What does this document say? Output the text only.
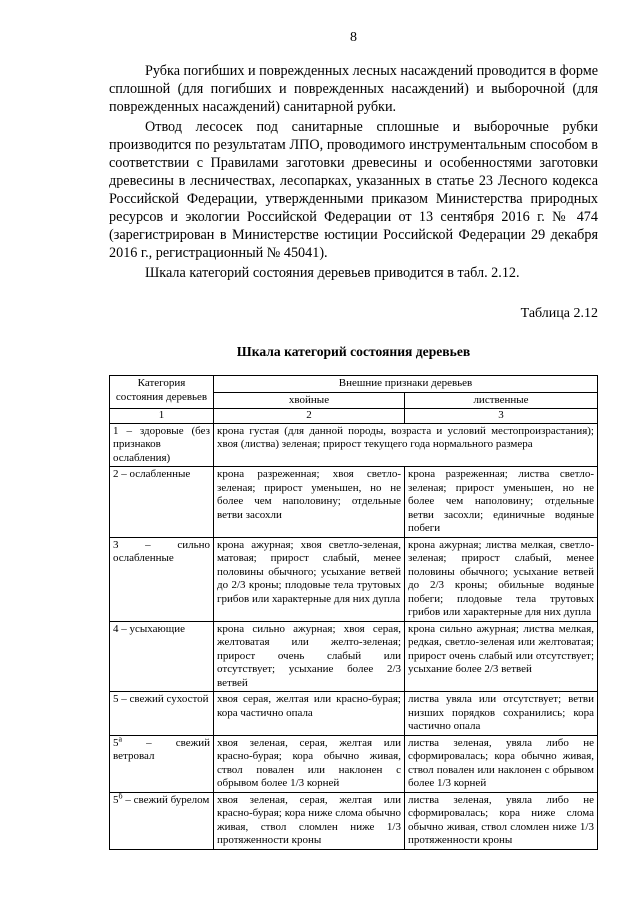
8

Рубка погибших и поврежденных лесных насаждений проводится в форме сплошной (для погибших и поврежденных насаждений) и выборочной (для поврежденных насаждений) санитарной рубки.

Отвод лесосек под санитарные сплошные и выборочные рубки производится по результатам ЛПО, проводимого инструментальным способом в соответствии с Правилами заготовки древесины и особенностями заготовки древесины в лесничествах, лесопарках, указанных в статье 23 Лесного кодекса Российской Федерации, утвержденными приказом Министерства природных ресурсов и экологии Российской Федерации от 13 сентября 2016 г. № 474 (зарегистрирован в Министерстве юстиции Российской Федерации 29 декабря 2016 г., регистрационный № 45041).

Шкала категорий состояния деревьев приводится в табл. 2.12.

Таблица 2.12
Шкала категорий состояния деревьев
Категория состояния деревьев	Внешние признаки деревьев	
	хвойные	лиственные
1	2	3
1 – здоровые (без признаков ослабления)	крона густая (для данной породы, возраста и условий местопроизрастания); хвоя (листва) зеленая; прирост текущего года нормального размера	
2 – ослабленные	крона разреженная; хвоя светло-зеленая; прирост уменьшен, но не более чем наполовину; отдельные ветви засохли	крона разреженная; листва светло-зеленая; прирост уменьшен, но не более чем наполовину; отдельные ветви засохли; единичные водяные побеги
3 – сильно ослабленные	крона ажурная; хвоя светло-зеленая, матовая; прирост слабый, менее половины обычного; усыхание ветвей до 2/3 кроны; плодовые тела трутовых грибов или характерные для них дупла	крона ажурная; листва мелкая, светло-зеленая; прирост слабый, менее половины обычного; усыхание ветвей до 2/3 кроны; обильные водяные побеги; плодовые тела трутовых грибов или характерные для них дупла
4 – усыхающие	крона сильно ажурная; хвоя серая, желтоватая или желто-зеленая; прирост очень слабый или отсутствует; усыхание более 2/3 ветвей	крона сильно ажурная; листва мелкая, редкая, светло-зеленая или желтоватая; прирост очень слабый или отсутствует; усыхание более 2/3 ветвей
5 – свежий сухостой	хвоя серая, желтая или красно-бурая; кора частично опала	листва увяла или отсутствует; ветви низших порядков сохранились; кора частично опала
$5^а$ – свежий ветровал	хвоя зеленая, серая, желтая или красно-бурая; кора обычно живая, ствол повален или наклонен с обрывом более 1/3 корней	листва зеленая, увяла либо не сформировалась; кора обычно живая, ствол повален или наклонен с обрывом более 1/3 корней
$5^б$ – свежий бурелом	хвоя зеленая, серая, желтая или красно-бурая; кора ниже слома обычно живая, ствол сломлен ниже 1/3 протяженности кроны	листва зеленая, увяла либо не сформировалась; кора ниже слома обычно живая, ствол сломлен ниже 1/3 протяженности кроны
